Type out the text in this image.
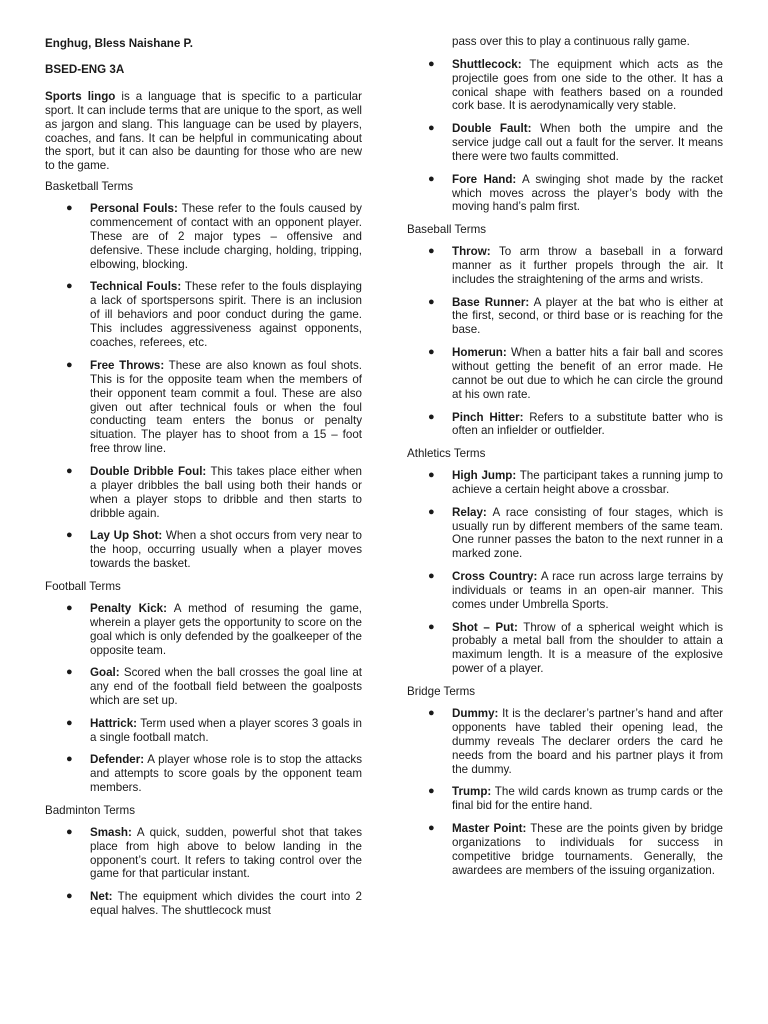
Enghug, Bless Naishane P.

BSED-ENG 3A

Sports lingo is a language that is specific to a particular sport. It can include terms that are unique to the sport, as well as jargon and slang. This language can be used by players, coaches, and fans. It can be helpful in communicating about the sport, but it can also be daunting for those who are new to the game.

Basketball Terms

● Personal Fouls: These refer to the fouls caused by commencement of contact with an opponent player. These are of 2 major types – offensive and defensive. These include charging, holding, tripping, elbowing, blocking.
● Technical Fouls: These refer to the fouls displaying a lack of sportspersons spirit. There is an inclusion of ill behaviors and poor conduct during the game. This includes aggressiveness against opponents, coaches, referees, etc.
● Free Throws: These are also known as foul shots. This is for the opposite team when the members of their opponent team commit a foul. These are also given out after technical fouls or when the foul conducting team enters the bonus or penalty situation. The player has to shoot from a 15 – foot free throw line.
● Double Dribble Foul: This takes place either when a player dribbles the ball using both their hands or when a player stops to dribble and then starts to dribble again.
● Lay Up Shot: When a shot occurs from very near to the hoop, occurring usually when a player moves towards the basket.

Football Terms

● Penalty Kick: A method of resuming the game, wherein a player gets the opportunity to score on the goal which is only defended by the goalkeeper of the opposite team.
● Goal: Scored when the ball crosses the goal line at any end of the football field between the goalposts which are set up.
● Hattrick: Term used when a player scores 3 goals in a single football match.
● Defender: A player whose role is to stop the attacks and attempts to score goals by the opponent team members.

Badminton Terms

● Smash: A quick, sudden, powerful shot that takes place from high above to below landing in the opponent’s court. It refers to taking control over the game for that particular instant.
● Net: The equipment which divides the court into 2 equal halves. The shuttlecock must

pass over this to play a continuous rally game.

● Shuttlecock: The equipment which acts as the projectile goes from one side to the other. It has a conical shape with feathers based on a rounded cork base. It is aerodynamically very stable.
● Double Fault: When both the umpire and the service judge call out a fault for the server. It means there were two faults committed.
● Fore Hand: A swinging shot made by the racket which moves across the player’s body with the moving hand’s palm first.

Baseball Terms

● Throw: To arm throw a baseball in a forward manner as it further propels through the air. It includes the straightening of the arms and wrists.
● Base Runner: A player at the bat who is either at the first, second, or third base or is reaching for the base.
● Homerun: When a batter hits a fair ball and scores without getting the benefit of an error made. He cannot be out due to which he can circle the ground at his own rate.
● Pinch Hitter: Refers to a substitute batter who is often an infielder or outfielder.

Athletics Terms

● High Jump: The participant takes a running jump to achieve a certain height above a crossbar.
● Relay: A race consisting of four stages, which is usually run by different members of the same team. One runner passes the baton to the next runner in a marked zone.
● Cross Country: A race run across large terrains by individuals or teams in an open-air manner. This comes under Umbrella Sports.
● Shot – Put: Throw of a spherical weight which is probably a metal ball from the shoulder to attain a maximum length. It is a measure of the explosive power of a player.

Bridge Terms

● Dummy: It is the declarer’s partner’s hand and after opponents have tabled their opening lead, the dummy reveals The declarer orders the card he needs from the board and his partner plays it from the dummy.
● Trump: The wild cards known as trump cards or the final bid for the entire hand.
● Master Point: These are the points given by bridge organizations to individuals for success in competitive bridge tournaments. Generally, the awardees are members of the issuing organization.
